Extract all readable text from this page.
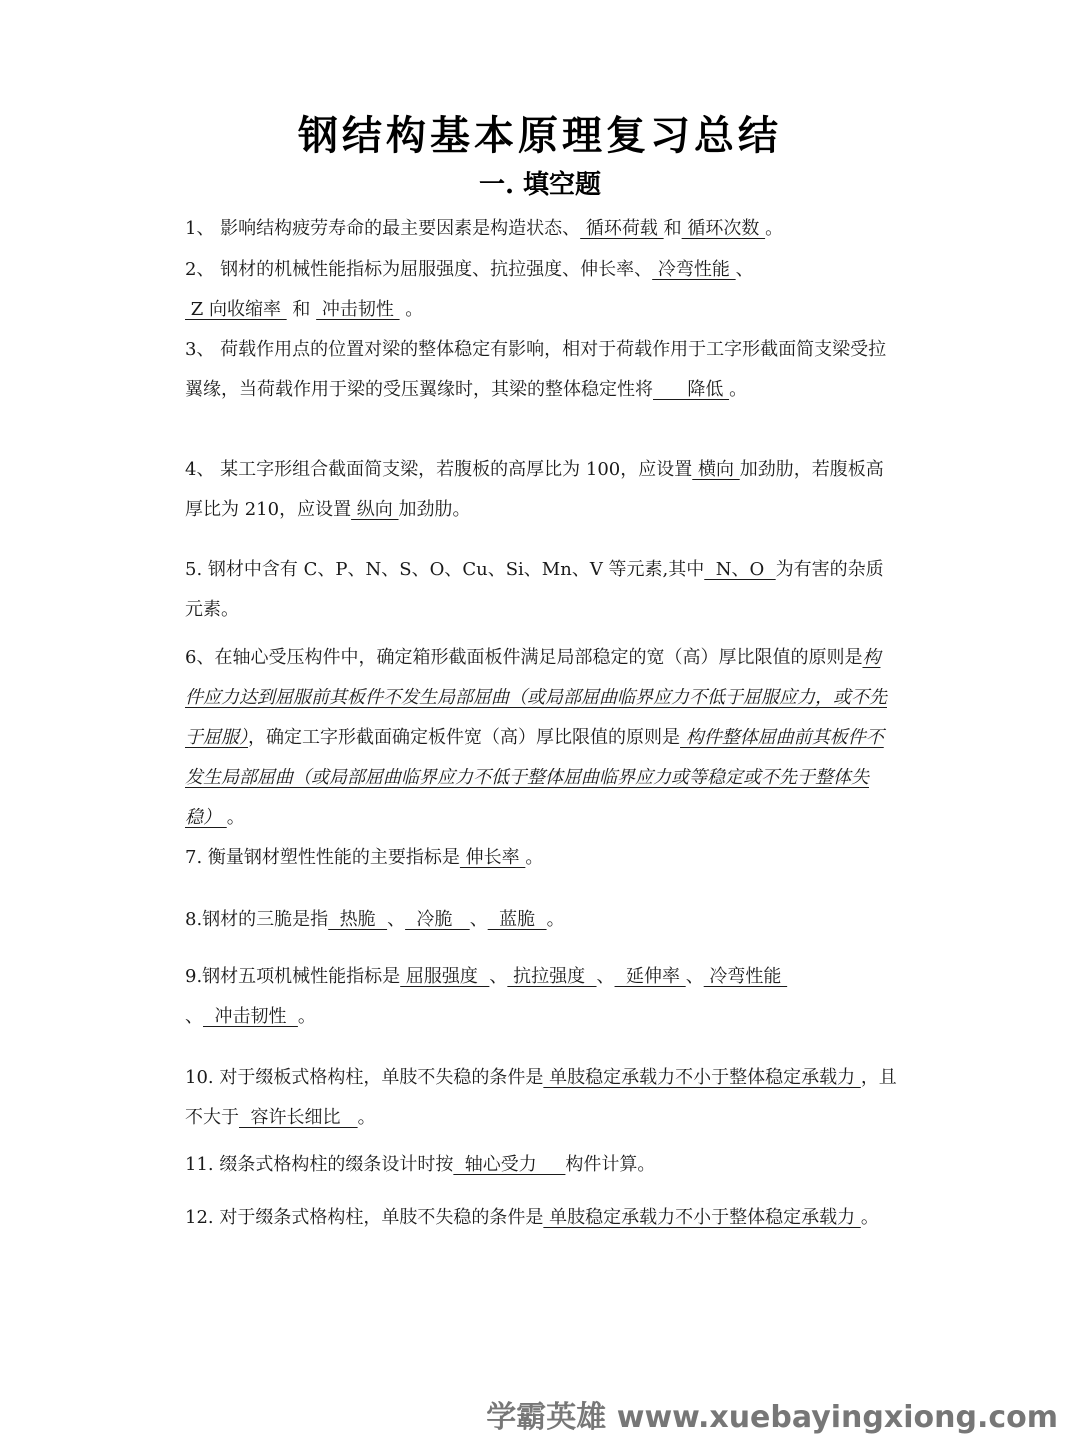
钢结构基本原理复习总结
一. 填空题
1、 影响结构疲劳寿命的最主要因素是构造状态、 循环荷载 和 循环次数 。
2、 钢材的机械性能指标为屈服强度、抗拉强度、伸长率、 冷弯性能 、
Z 向收缩率  和  冲击韧性  。
3、 荷载作用点的位置对梁的整体稳定有影响，相对于荷载作用于工字形截面简支梁受拉翼缘，当荷载作用于梁的受压翼缘时，其梁的整体稳定性将      降低 。
4、 某工字形组合截面简支梁，若腹板的高厚比为 100，应设置 横向 加劲肋，若腹板高厚比为 210，应设置 纵向 加劲肋。
5. 钢材中含有 C、P、N、S、O、Cu、Si、Mn、V 等元素,其中  N、O  为有害的杂质元素。
6、在轴心受压构件中，确定箱形截面板件满足局部稳定的宽（高）厚比限值的原则是构件应力达到屈服前其板件不发生局部屈曲（或局部屈曲临界应力不低于屈服应力，或不先于屈服），确定工字形截面确定板件宽（高）厚比限值的原则是 构件整体屈曲前其板件不发生局部屈曲（或局部屈曲临界应力不低于整体屈曲临界应力或等稳定或不先于整体失稳） 。
7. 衡量钢材塑性性能的主要指标是 伸长率 。
8.钢材的三脆是指  热脆  、  冷脆   、  蓝脆  。
9.钢材五项机械性能指标是 屈服强度  、 抗拉强度  、  延伸率 、 冷弯性能
、  冲击韧性  。
10. 对于缀板式格构柱，单肢不失稳的条件是 单肢稳定承载力不小于整体稳定承载力 ，且不大于  容许长细比   。
11. 缀条式格构柱的缀条设计时按  轴心受力     构件计算。
12. 对于缀条式格构柱，单肢不失稳的条件是 单肢稳定承载力不小于整体稳定承载力 。
学霸英雄 www.xuebayingxiong.com
